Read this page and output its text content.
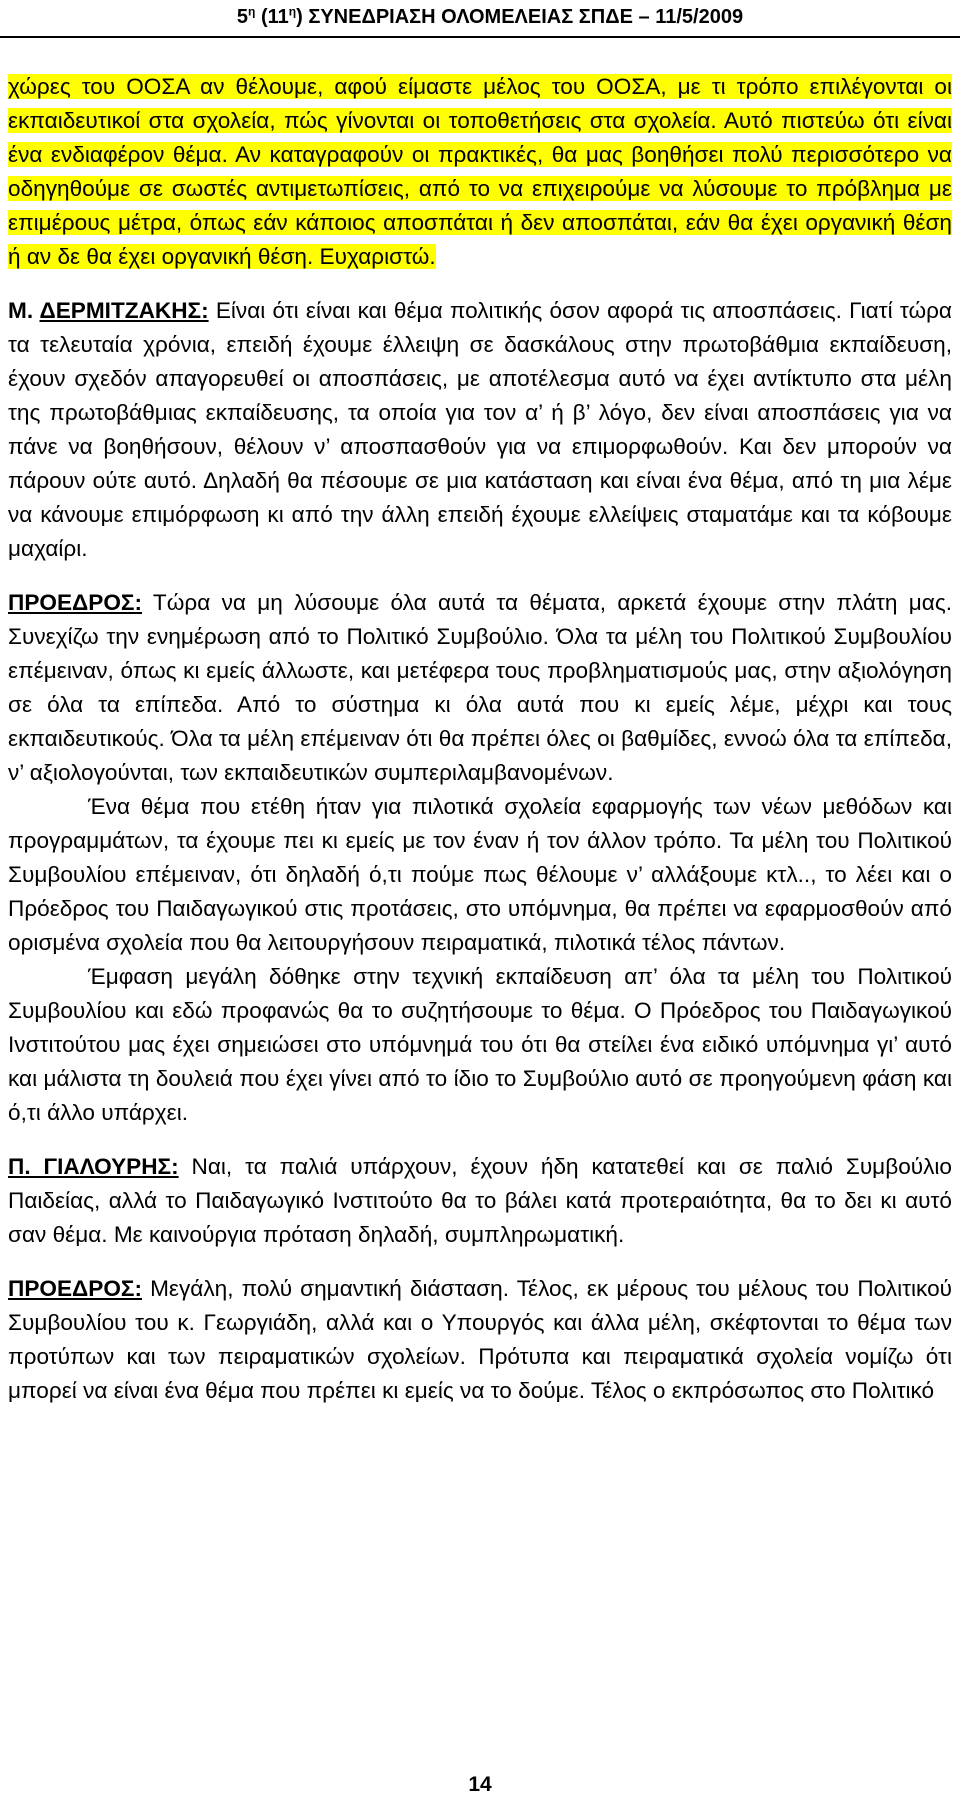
$5^\eta$ $(11^\eta)$ ΣΥΝΕΔΡΙΑΣΗ ΟΛΟΜΕΛΕΙΑΣ ΣΠΔΕ – 11/5/2009

χώρες του ΟΟΣΑ αν θέλουμε, αφού είμαστε μέλος του ΟΟΣΑ, με τι τρόπο επιλέγονται οι εκπαιδευτικοί στα σχολεία, πώς γίνονται οι τοποθετήσεις στα σχολεία. Αυτό πιστεύω ότι είναι ένα ενδιαφέρον θέμα. Αν καταγραφούν οι πρακτικές, θα μας βοηθήσει πολύ περισσότερο να οδηγηθούμε σε σωστές αντιμετωπίσεις, από το να επιχειρούμε να λύσουμε το πρόβλημα με επιμέρους μέτρα, όπως εάν κάποιος αποσπάται ή δεν αποσπάται, εάν θα έχει οργανική θέση ή αν δε θα έχει οργανική θέση. Ευχαριστώ.

Μ. ΔΕΡΜΙΤΖΑΚΗΣ: Είναι ότι είναι και θέμα πολιτικής όσον αφορά τις αποσπάσεις. Γιατί τώρα τα τελευταία χρόνια, επειδή έχουμε έλλειψη σε δασκάλους στην πρωτοβάθμια εκπαίδευση, έχουν σχεδόν απαγορευθεί οι αποσπάσεις, με αποτέλεσμα αυτό να έχει αντίκτυπο στα μέλη της πρωτοβάθμιας εκπαίδευσης, τα οποία για τον α’ ή β’ λόγο, δεν είναι αποσπάσεις για να πάνε να βοηθήσουν, θέλουν ν’ αποσπασθούν για να επιμορφωθούν. Και δεν μπορούν να πάρουν ούτε αυτό. Δηλαδή θα πέσουμε σε μια κατάσταση και είναι ένα θέμα, από τη μια λέμε να κάνουμε επιμόρφωση κι από την άλλη επειδή έχουμε ελλείψεις σταματάμε και τα κόβουμε μαχαίρι.

ΠΡΟΕΔΡΟΣ: Τώρα να μη λύσουμε όλα αυτά τα θέματα, αρκετά έχουμε στην πλάτη μας. Συνεχίζω την ενημέρωση από το Πολιτικό Συμβούλιο. Όλα τα μέλη του Πολιτικού Συμβουλίου επέμειναν, όπως κι εμείς άλλωστε, και μετέφερα τους προβληματισμούς μας, στην αξιολόγηση σε όλα τα επίπεδα. Από το σύστημα κι όλα αυτά που κι εμείς λέμε, μέχρι και τους εκπαιδευτικούς. Όλα τα μέλη επέμειναν ότι θα πρέπει όλες οι βαθμίδες, εννοώ όλα τα επίπεδα, ν’ αξιολογούνται, των εκπαιδευτικών συμπεριλαμβανομένων.

Ένα θέμα που ετέθη ήταν για πιλοτικά σχολεία εφαρμογής των νέων μεθόδων και προγραμμάτων, τα έχουμε πει κι εμείς με τον έναν ή τον άλλον τρόπο. Τα μέλη του Πολιτικού Συμβουλίου επέμειναν, ότι δηλαδή ό,τι πούμε πως θέλουμε ν’ αλλάξουμε κτλ.., το λέει και ο Πρόεδρος του Παιδαγωγικού στις προτάσεις, στο υπόμνημα, θα πρέπει να εφαρμοσθούν από ορισμένα σχολεία που θα λειτουργήσουν πειραματικά, πιλοτικά τέλος πάντων.

Έμφαση μεγάλη δόθηκε στην τεχνική εκπαίδευση απ’ όλα τα μέλη του Πολιτικού Συμβουλίου και εδώ προφανώς θα το συζητήσουμε το θέμα. Ο Πρόεδρος του Παιδαγωγικού Ινστιτούτου μας έχει σημειώσει στο υπόμνημά του ότι θα στείλει ένα ειδικό υπόμνημα γι’ αυτό και μάλιστα τη δουλειά που έχει γίνει από το ίδιο το Συμβούλιο αυτό σε προηγούμενη φάση και ό,τι άλλο υπάρχει.

Π. ΓΙΑΛΟΥΡΗΣ: Ναι, τα παλιά υπάρχουν, έχουν ήδη κατατεθεί και σε παλιό Συμβούλιο Παιδείας, αλλά το Παιδαγωγικό Ινστιτούτο θα το βάλει κατά προτεραιότητα, θα το δει κι αυτό σαν θέμα. Με καινούργια πρόταση δηλαδή, συμπληρωματική.

ΠΡΟΕΔΡΟΣ: Μεγάλη, πολύ σημαντική διάσταση. Τέλος, εκ μέρους του μέλους του Πολιτικού Συμβουλίου του κ. Γεωργιάδη, αλλά και ο Υπουργός και άλλα μέλη, σκέφτονται το θέμα των προτύπων και των πειραματικών σχολείων. Πρότυπα και πειραματικά σχολεία νομίζω ότι μπορεί να είναι ένα θέμα που πρέπει κι εμείς να το δούμε. Τέλος ο εκπρόσωπος στο Πολιτικό

14
